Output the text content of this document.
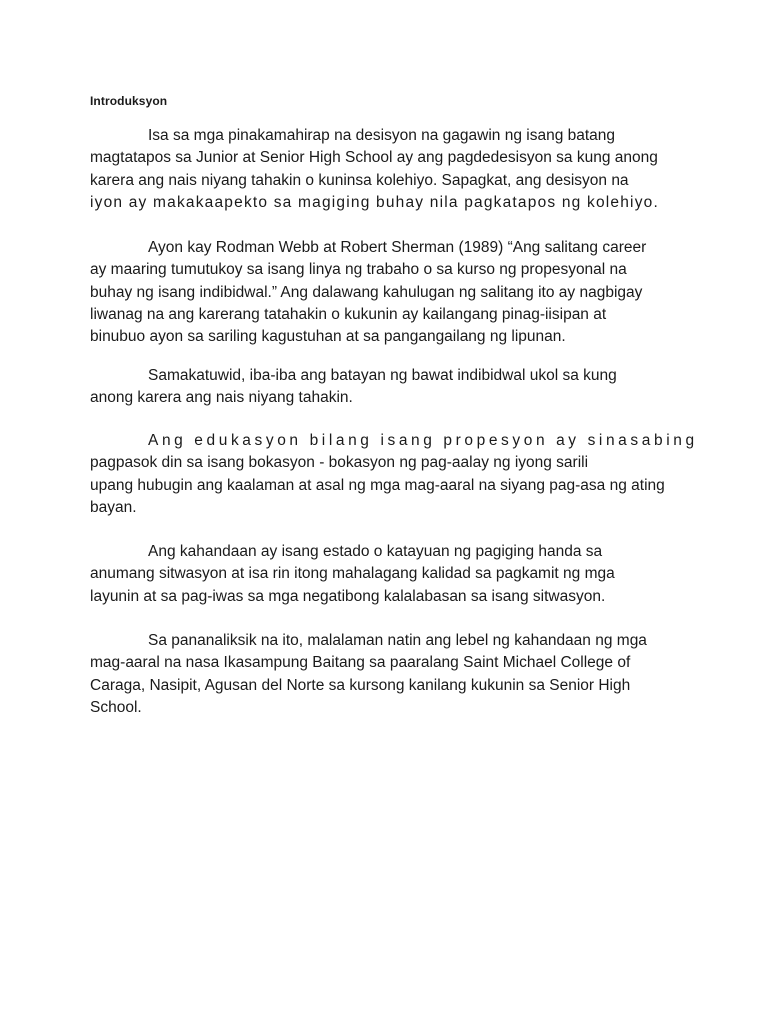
Introduksyon

Isa sa mga pinakamahirap na desisyon na gagawin ng isang batang
magtatapos sa Junior at Senior High School ay ang pagdedesisyon sa kung anong
karera ang nais niyang tahakin o kuninsa kolehiyo. Sapagkat, ang desisyon na
iyon ay makakaapekto sa magiging buhay nila pagkatapos ng kolehiyo.

Ayon kay Rodman Webb at Robert Sherman (1989) “Ang salitang career
ay maaring tumutukoy sa isang linya ng trabaho o sa kurso ng propesyonal na
buhay ng isang indibidwal.” Ang dalawang kahulugan ng salitang ito ay nagbigay
liwanag na ang karerang tatahakin o kukunin ay kailangang pinag-iisipan at
binubuo ayon sa sariling kagustuhan at sa pangangailang ng lipunan.

Samakatuwid, iba-iba ang batayan ng bawat indibidwal ukol sa kung
anong karera ang nais niyang tahakin.

Ang edukasyon bilang isang propesyon ay sinasabing
pagpasok din sa isang bokasyon - bokasyon ng pag-aalay ng iyong sarili
upang hubugin ang kaalaman at asal ng mga mag-aaral na siyang pag-asa ng ating
bayan.

Ang kahandaan ay isang estado o katayuan ng pagiging handa sa
anumang sitwasyon at isa rin itong mahalagang kalidad sa pagkamit ng mga
layunin at sa pag-iwas sa mga negatibong kalalabasan sa isang sitwasyon.

Sa pananaliksik na ito, malalaman natin ang lebel ng kahandaan ng mga
mag-aaral na nasa Ikasampung Baitang sa paaralang Saint Michael College of
Caraga, Nasipit, Agusan del Norte sa kursong kanilang kukunin sa Senior High
School.
